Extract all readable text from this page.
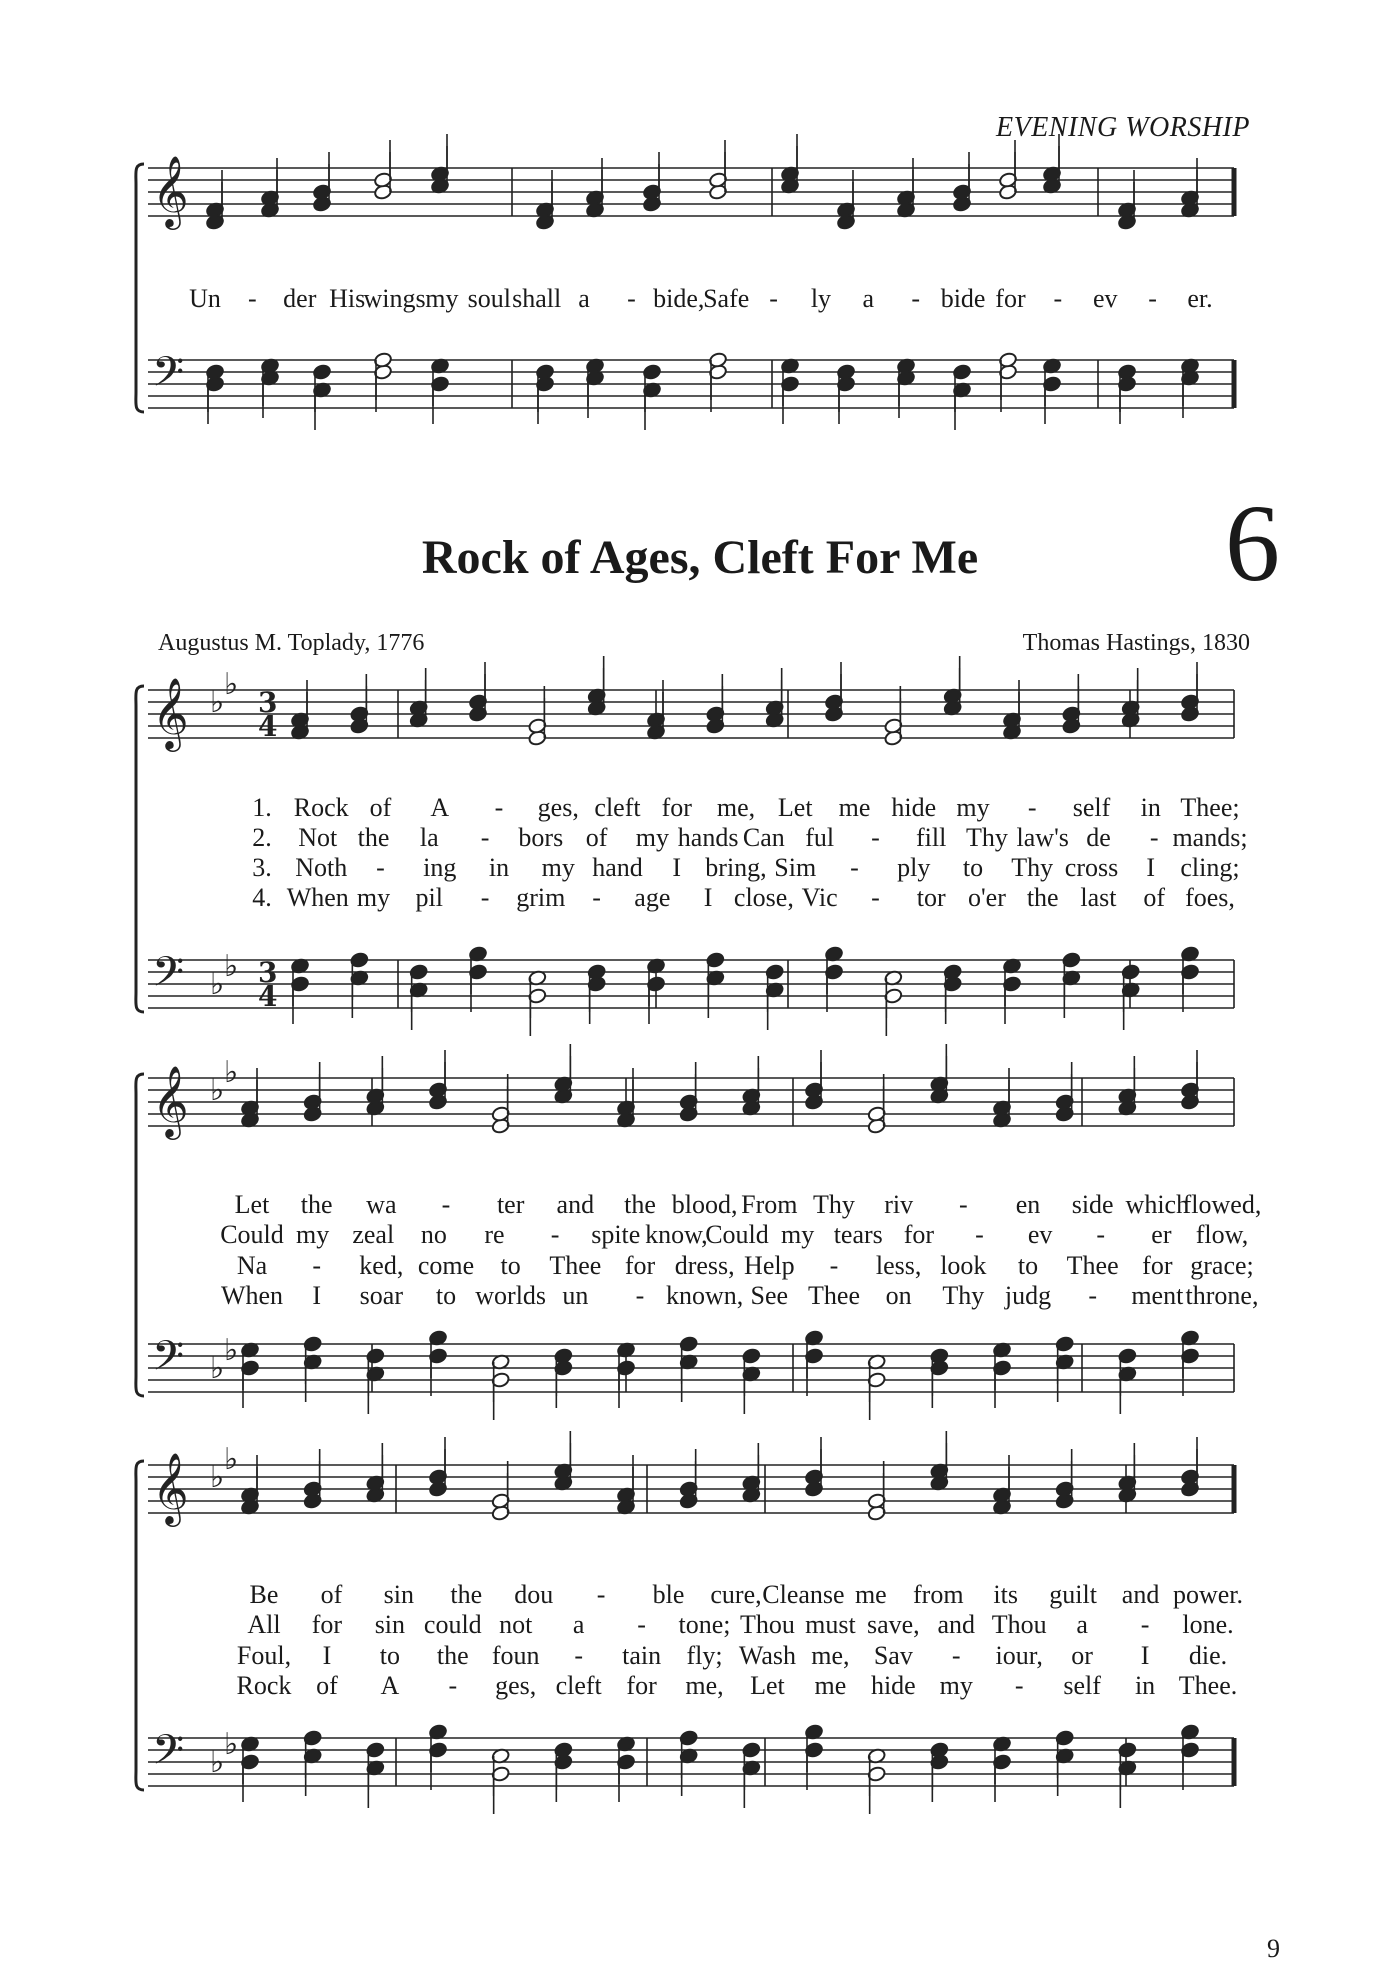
EVENING WORSHIP
𝄞
𝄢
𝄞
𝄢
♭
♭
♭
♭
3
4
3
4
𝄞
𝄢
♭
♭
♭
♭
𝄞
𝄢
♭
♭
♭
♭
Rock of Ages, Cleft For Me	6
Augustus M. Toplady, 1776	Thomas Hastings, 1830
Un - der His
wings my soul shall a - bide,
Safe - ly a - bide for - ev - er.
1. Rock of A - ges, cleft for me, Let me hide my - self in Thee;
2. Not the la - bors of my hands Can ful - fill Thy law's de - mands;
3. Noth - ing in my hand I bring, Sim - ply to Thy cross I cling;
4. When my pil - grim - age I close, Vic - tor o'er the last of foes,
Let the wa - ter and the blood, From Thy riv - en side which
flowed,
Could my zeal no re - spite know,
Could my tears for - ev - er flow,
Na - ked, come to Thee for dress, Help - less, look to Thee for grace;
When I soar to worlds un - known, See Thee on Thy judg - ment throne,
Be of sin the dou - ble cure, Cleanse me from its guilt and power.
All for sin could not a - tone; Thou must save, and Thou a - lone.
Foul, I to the foun - tain fly; Wash me, Sav - iour, or I die.
Rock of A - ges, cleft for me, Let me hide my - self in Thee.
9
